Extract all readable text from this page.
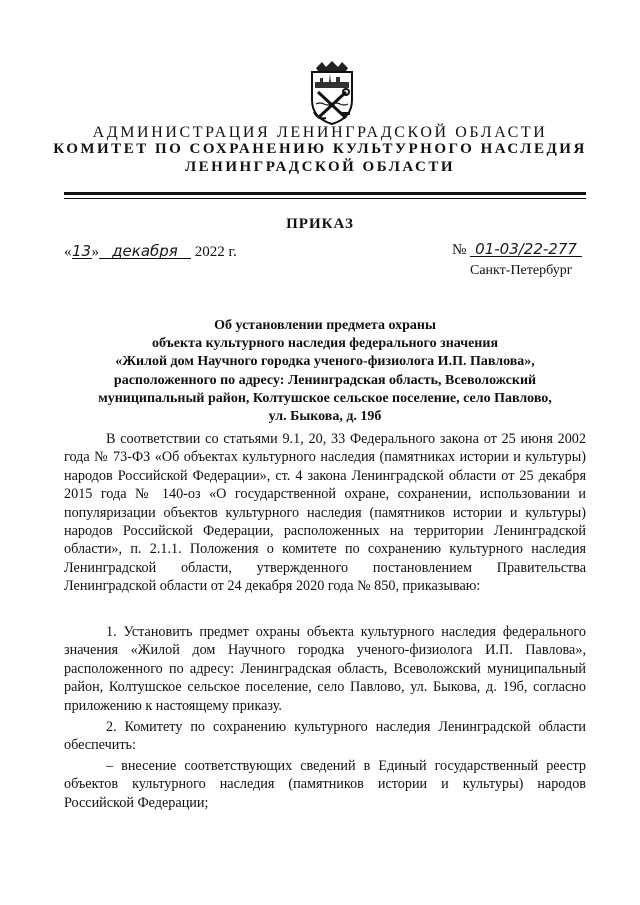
АДМИНИСТРАЦИЯ ЛЕНИНГРАДСКОЙ ОБЛАСТИ
КОМИТЕТ ПО СОХРАНЕНИЮ КУЛЬТУРНОГО НАСЛЕДИЯ
ЛЕНИНГРАДСКОЙ ОБЛАСТИ
ПРИКАЗ
«13» декабря 2022 г.	№ 01-03/22-277
Санкт-Петербург
Об установлении предмета охраны
объекта культурного наследия федерального значения
«Жилой дом Научного городка ученого-физиолога И.П. Павлова»,
расположенного по адресу: Ленинградская область, Всеволожский
муниципальный район, Колтушское сельское поселение, село Павлово,
ул. Быкова, д. 19б

В соответствии со статьями 9.1, 20, 33 Федерального закона от 25 июня 2002 года № 73-ФЗ «Об объектах культурного наследия (памятниках истории и культуры) народов Российской Федерации», ст. 4 закона Ленинградской области от 25 декабря 2015 года № 140-оз «О государственной охране, сохранении, использовании и популяризации объектов культурного наследия (памятников истории и культуры) народов Российской Федерации, расположенных на территории Ленинградской области», п. 2.1.1. Положения о комитете по сохранению культурного наследия Ленинградской области, утвержденного постановлением Правительства Ленинградской области от 24 декабря 2020 года № 850, приказываю:

1. Установить предмет охраны объекта культурного наследия федерального значения «Жилой дом Научного городка ученого-физиолога И.П. Павлова», расположенного по адресу: Ленинградская область, Всеволожский муниципальный район, Колтушское сельское поселение, село Павлово, ул. Быкова, д. 19б, согласно приложению к настоящему приказу.

2. Комитету по сохранению культурного наследия Ленинградской области обеспечить:

– внесение соответствующих сведений в Единый государственный реестр объектов культурного наследия (памятников истории и культуры) народов Российской Федерации;
